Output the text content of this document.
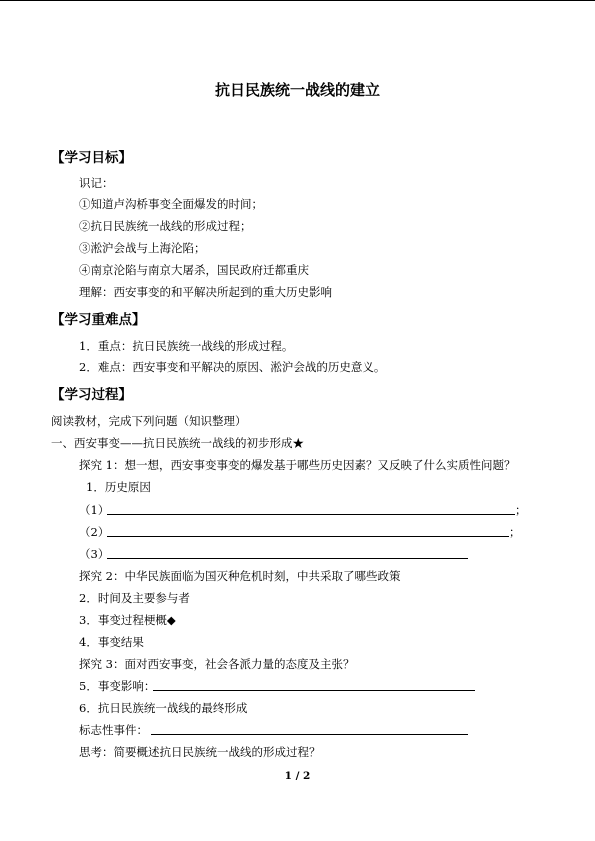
抗日民族统一战线的建立
【学习目标】
识记：
①知道卢沟桥事变全面爆发的时间；
②抗日民族统一战线的形成过程；
③淞沪会战与上海沦陷；
④南京沦陷与南京大屠杀，国民政府迁都重庆
理解：西安事变的和平解决所起到的重大历史影响
【学习重难点】
1．重点：抗日民族统一战线的形成过程。
2．难点：西安事变和平解决的原因、淞沪会战的历史意义。
【学习过程】
阅读教材，完成下列问题（知识整理）
一、西安事变——抗日民族统一战线的初步形成★
探究 1：想一想，西安事变事变的爆发基于哪些历史因素？又反映了什么实质性问题？
1．历史原因
（1）	；
（2）	；
（3）
探究 2：中华民族面临为国灭种危机时刻，中共采取了哪些政策
2．时间及主要参与者
3．事变过程梗概◆
4．事变结果
探究 3：面对西安事变，社会各派力量的态度及主张？
5．事变影响：
6．抗日民族统一战线的最终形成
标志性事件：
思考：简要概述抗日民族统一战线的形成过程？
1 / 2
